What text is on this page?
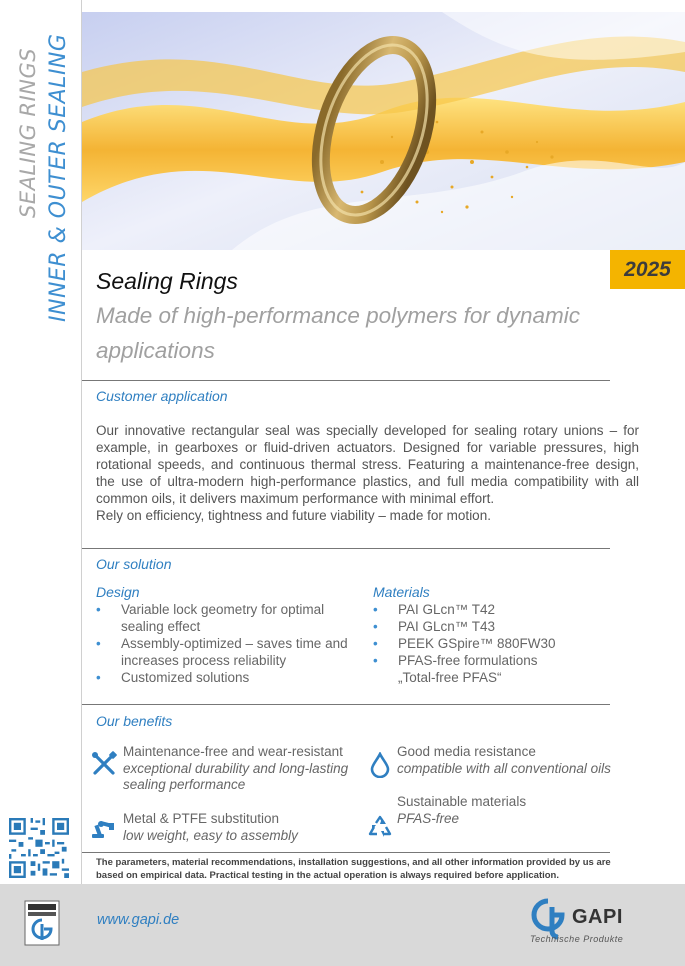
SEALING RINGS INNER & OUTER SEALING	2025
Sealing Rings
Made of high-performance polymers for dynamic applications
Customer application

Our innovative rectangular seal was specially developed for sealing rotary unions – for example, in gearboxes or fluid-driven actuators. Designed for variable pressures, high rotational speeds, and continuous thermal stress. Featuring a maintenance-free design, the use of ultra-modern high-performance plastics, and full media compatibility with all common oils, it delivers maximum performance with minimal effort.

Rely on efficiency, tightness and future viability – made for motion.

Our solution
Design
• Variable lock geometry for optimal sealing effect
• Assembly-optimized – saves time and increases process reliability
• Customized solutions
Materials
• PAI GLcn™ T42
• PAI GLcn™ T43
• PEEK GSpire™ 880FW30
• PFAS-free formulations
„Total-free PFAS“
Our benefits
Maintenance-free and wear-resistant
exceptional durability and long-lasting sealing performance
Good media resistance
compatible with all conventional oils
Metal & PTFE substitution
low weight, easy to assembly
Sustainable materials
PFAS-free
The parameters, material recommendations, installation suggestions, and all other information provided by us are based on empirical data. Practical testing in the actual operation is always required before application.
www.gapi.de	GAPI
Technische Produkte
